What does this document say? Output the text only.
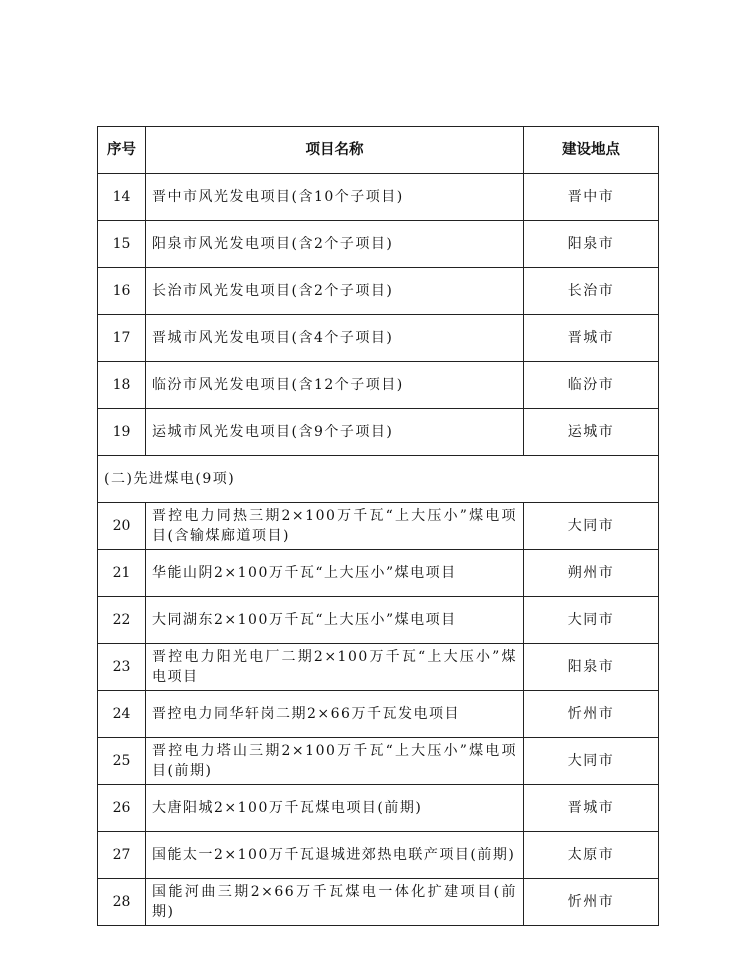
序号	项目名称	建设地点
14	晋中市风光发电项目(含10个子项目)	晋中市
15	阳泉市风光发电项目(含2个子项目)	阳泉市
16	长治市风光发电项目(含2个子项目)	长治市
17	晋城市风光发电项目(含4个子项目)	晋城市
18	临汾市风光发电项目(含12个子项目)	临汾市
19	运城市风光发电项目(含9个子项目)	运城市
(二)先进煤电(9项)		
20	晋控电力同热三期2×100万千瓦“上大压小”煤电项目(含输煤廊道项目)	大同市
21	华能山阴2×100万千瓦“上大压小”煤电项目	朔州市
22	大同湖东2×100万千瓦“上大压小”煤电项目	大同市
23	晋控电力阳光电厂二期2×100万千瓦“上大压小”煤电项目	阳泉市
24	晋控电力同华轩岗二期2×66万千瓦发电项目	忻州市
25	晋控电力塔山三期2×100万千瓦“上大压小”煤电项目(前期)	大同市
26	大唐阳城2×100万千瓦煤电项目(前期)	晋城市
27	国能太一2×100万千瓦退城进郊热电联产项目(前期)	太原市
28	国能河曲三期2×66万千瓦煤电一体化扩建项目(前期)	忻州市
